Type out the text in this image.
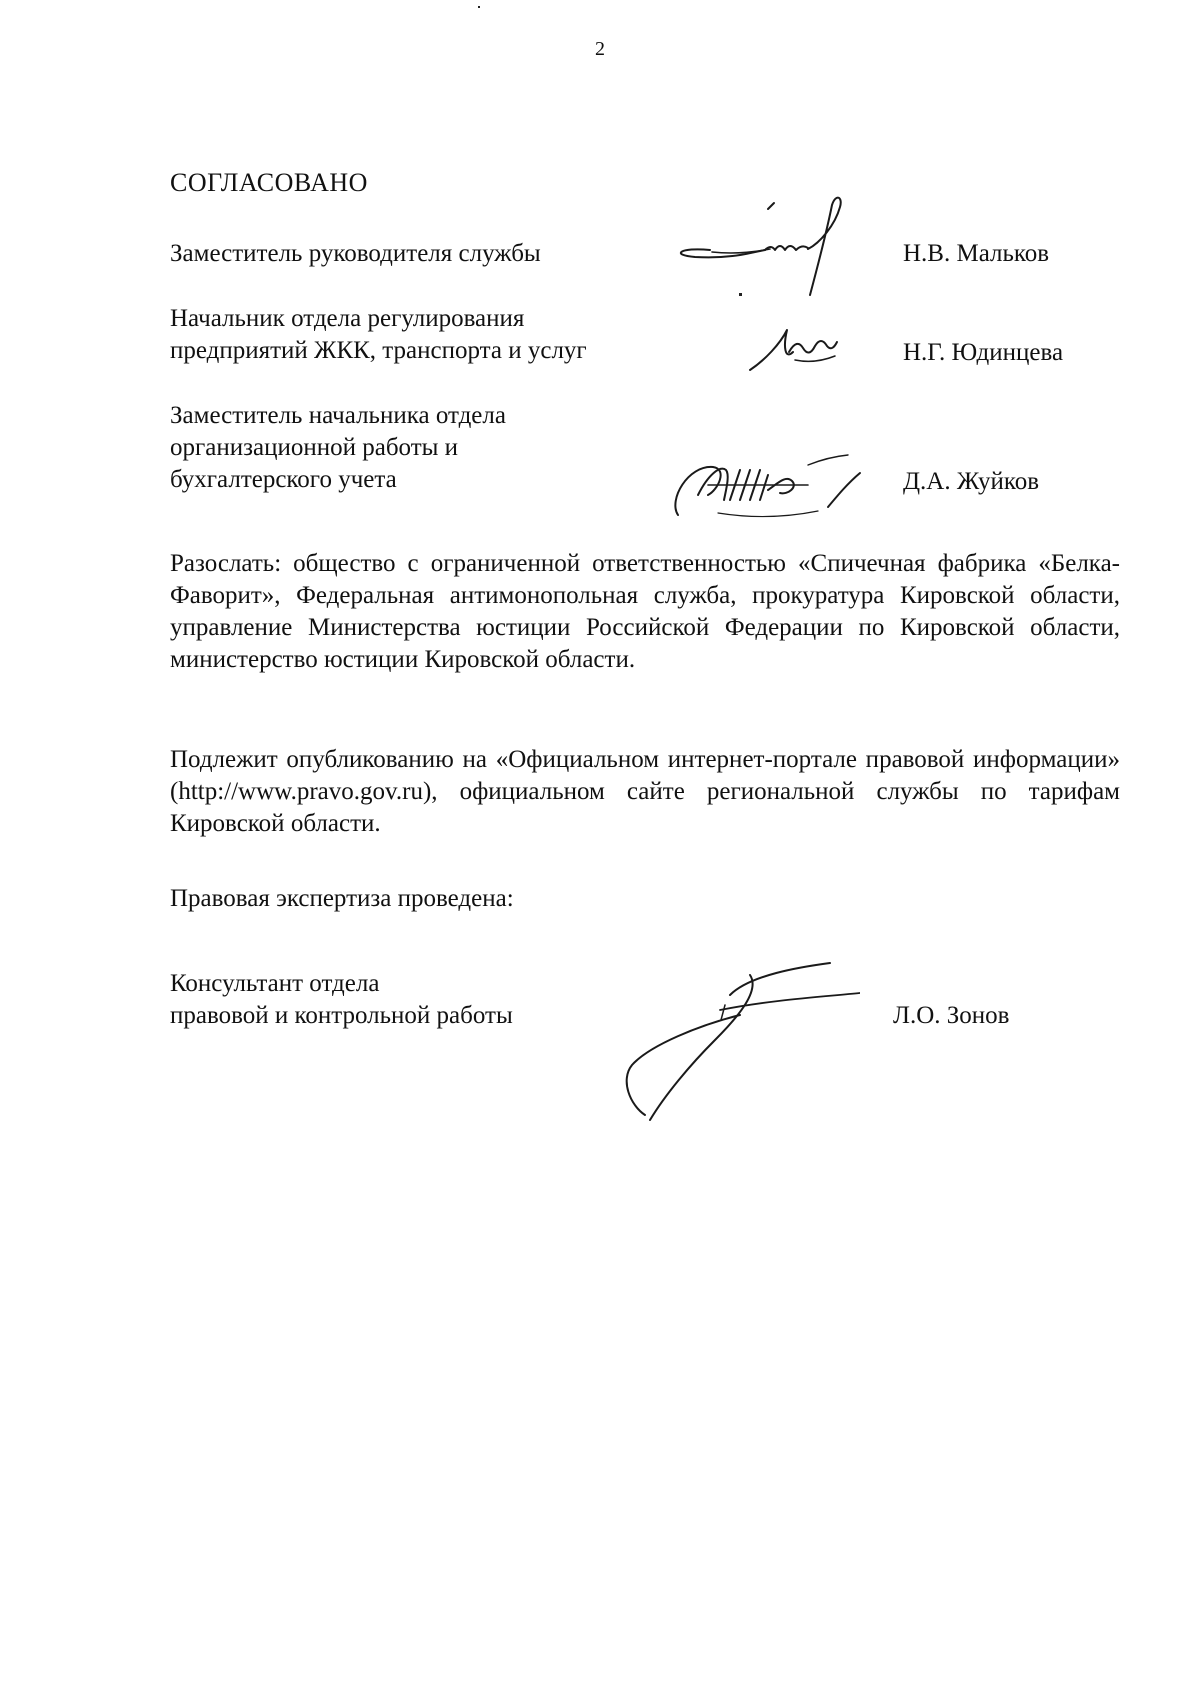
2
СОГЛАСОВАНО
Заместитель руководителя службы	Н.В. Мальков
Начальник отдела регулирования
предприятий ЖКК, транспорта и услуг	Н.Г. Юдинцева
Заместитель начальника отдела
организационной работы и
бухгалтерского учета	Д.А. Жуйков
Разослать: общество с ограниченной ответственностью «Спичечная фабрика «Белка-Фаворит», Федеральная антимонопольная служба, прокуратура Кировской области, управление Министерства юстиции Российской Федерации по Кировской области, министерство юстиции Кировской области.
Подлежит опубликованию на «Официальном интернет-портале правовой информации» (http://www.pravo.gov.ru), официальном сайте региональной службы по тарифам Кировской области.
Правовая экспертиза проведена:
Консультант отдела
правовой и контрольной работы	Л.О. Зонов
